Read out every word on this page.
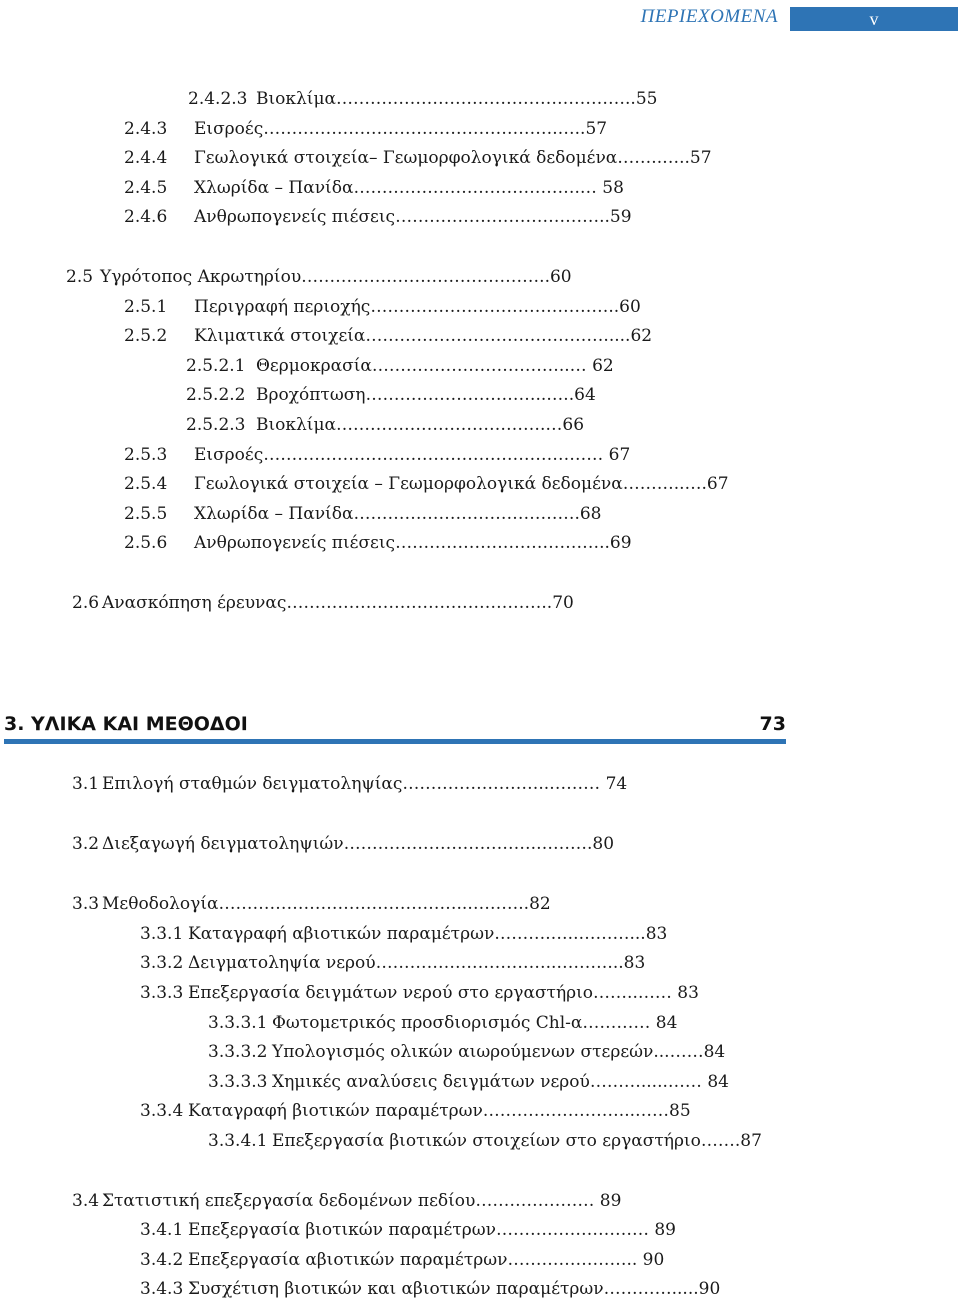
ΠΕΡΙΕΧΟΜΕΝΑ	v
2.4.2.3 Βιοκλίμα……………………………………………..55
2.4.3 Εισροές…………………………………………….…..57
2.4.4 Γεωλογικά στοιχεία– Γεωμορφολογικά δεδομένα……..…..57
2.4.5 Χλωρίδα – Πανίδα………………………………….… 58
2.4.6 Ανθρωπογενείς πιέσεις………………………………..59
2.5 Υγρότοπος Ακρωτηρίου……………………………………..60
2.5.1 Περιγραφή περιοχής……………………………………..60
2.5.2 Κλιματικά στοιχεία…………………………………….....62
2.5.2.1 Θερμοκρασία……………………………..… 62
2.5.2.2 Βροχόπτωση…………………………..…..64
2.5.2.3 Βιοκλίμα……………………………….…66
2.5.3 Εισροές…………………………………………………… 67
2.5.4 Γεωλογικά στοιχεία – Γεωμορφολογικά δεδομένα………..….67
2.5.5 Χλωρίδα – Πανίδα………………………………….68
2.5.6 Ανθρωπογενείς πιέσεις………………………………..69
2.6 Ανασκόπηση έρευνας………………………………………..70
3. ΥΛΙΚΑ ΚΑΙ ΜΕΘΟΔΟΙ	73
3.1 Επιλογή σταθμών δειγματοληψίας……………………..……… 74
3.2 Διεξαγωγή δειγματοληψιών…………………………….……….80
3.3 Μεθοδολογία……………………………………..………..82
3.3.1 Καταγραφή αβιοτικών παραμέτρων……….…..………...83
3.3.2 Δειγματοληψία νερού…………………………..………...83
3.3.3 Επεξεργασία δειγμάτων νερού στο εργαστήριο……..…… 83
3.3.3.1 Φωτομετρικός προσδιορισμός Chl-α………… 84
3.3.3.2 Υπολογισμός ολικών αιωρούμενων στερεών...……84
3.3.3.3 Χημικές αναλύσεις δειγμάτων νερού……….....…… 84
3.3.4 Καταγραφή βιοτικών παραμέτρων……………………...……85
3.3.4.1 Επεξεργασία βιοτικών στοιχείων στο εργαστήριο…….87
3.4 Στατιστική επεξεργασία δεδομένων πεδίου………………… 89
3.4.1 Επεξεργασία βιοτικών παραμέτρων……………………… 89
3.4.2 Επεξεργασία αβιοτικών παραμέτρων………………….. 90
3.4.3 Συσχέτιση βιοτικών και αβιοτικών παραμέτρων………….....90
